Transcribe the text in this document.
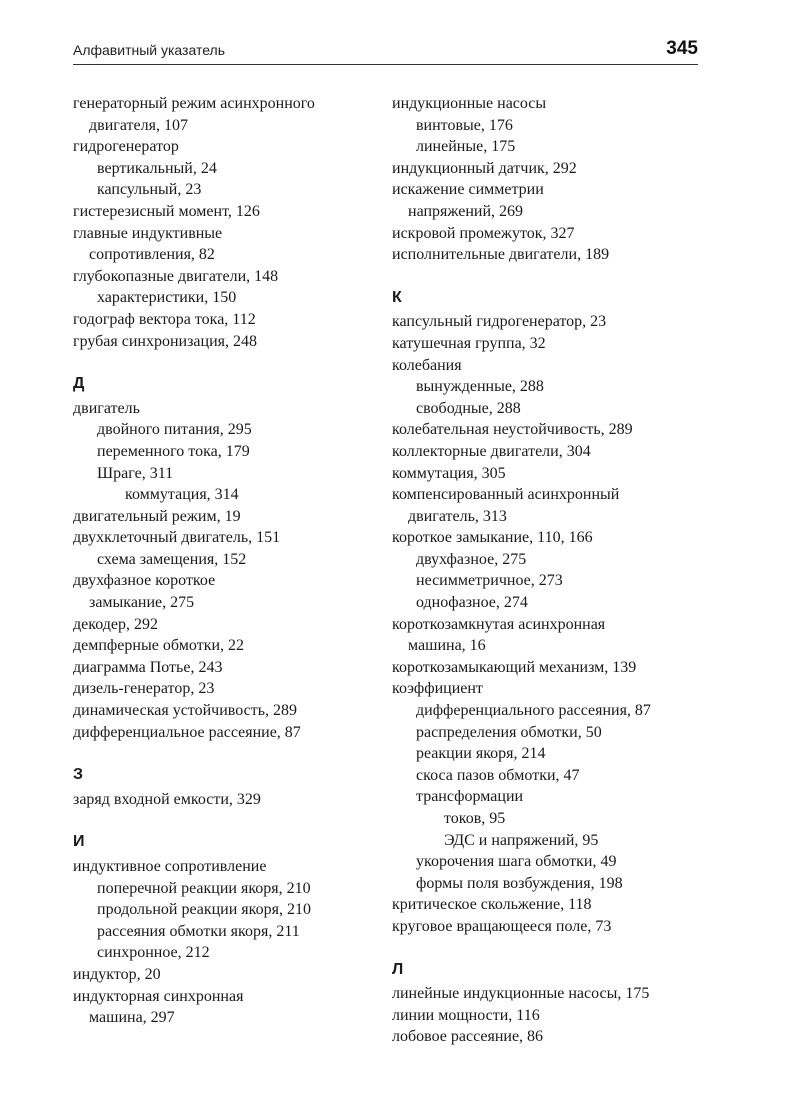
Алфавитный указатель	345
генераторный режим асинхронного
двигателя, 107
гидрогенератор
вертикальный, 24
капсульный, 23
гистерезисный момент, 126
главные индуктивные
сопротивления, 82
глубокопазные двигатели, 148
характеристики, 150
годограф вектора тока, 112
грубая синхронизация, 248
Д
двигатель
двойного питания, 295
переменного тока, 179
Шраге, 311
коммутация, 314
двигательный режим, 19
двухклеточный двигатель, 151
схема замещения, 152
двухфазное короткое
замыкание, 275
декодер, 292
демпферные обмотки, 22
диаграмма Потье, 243
дизель-генератор, 23
динамическая устойчивость, 289
дифференциальное рассеяние, 87
З
заряд входной емкости, 329
И
индуктивное сопротивление
поперечной реакции якоря, 210
продольной реакции якоря, 210
рассеяния обмотки якоря, 211
синхронное, 212
индуктор, 20
индукторная синхронная
машина, 297
индукционные насосы
винтовые, 176
линейные, 175
индукционный датчик, 292
искажение симметрии
напряжений, 269
искровой промежуток, 327
исполнительные двигатели, 189
К
капсульный гидрогенератор, 23
катушечная группа, 32
колебания
вынужденные, 288
свободные, 288
колебательная неустойчивость, 289
коллекторные двигатели, 304
коммутация, 305
компенсированный асинхронный
двигатель, 313
короткое замыкание, 110, 166
двухфазное, 275
несимметричное, 273
однофазное, 274
короткозамкнутая асинхронная
машина, 16
короткозамыкающий механизм, 139
коэффициент
дифференциального рассеяния, 87
распределения обмотки, 50
реакции якоря, 214
скоса пазов обмотки, 47
трансформации
токов, 95
ЭДС и напряжений, 95
укорочения шага обмотки, 49
формы поля возбуждения, 198
критическое скольжение, 118
круговое вращающееся поле, 73
Л
линейные индукционные насосы, 175
линии мощности, 116
лобовое рассеяние, 86
